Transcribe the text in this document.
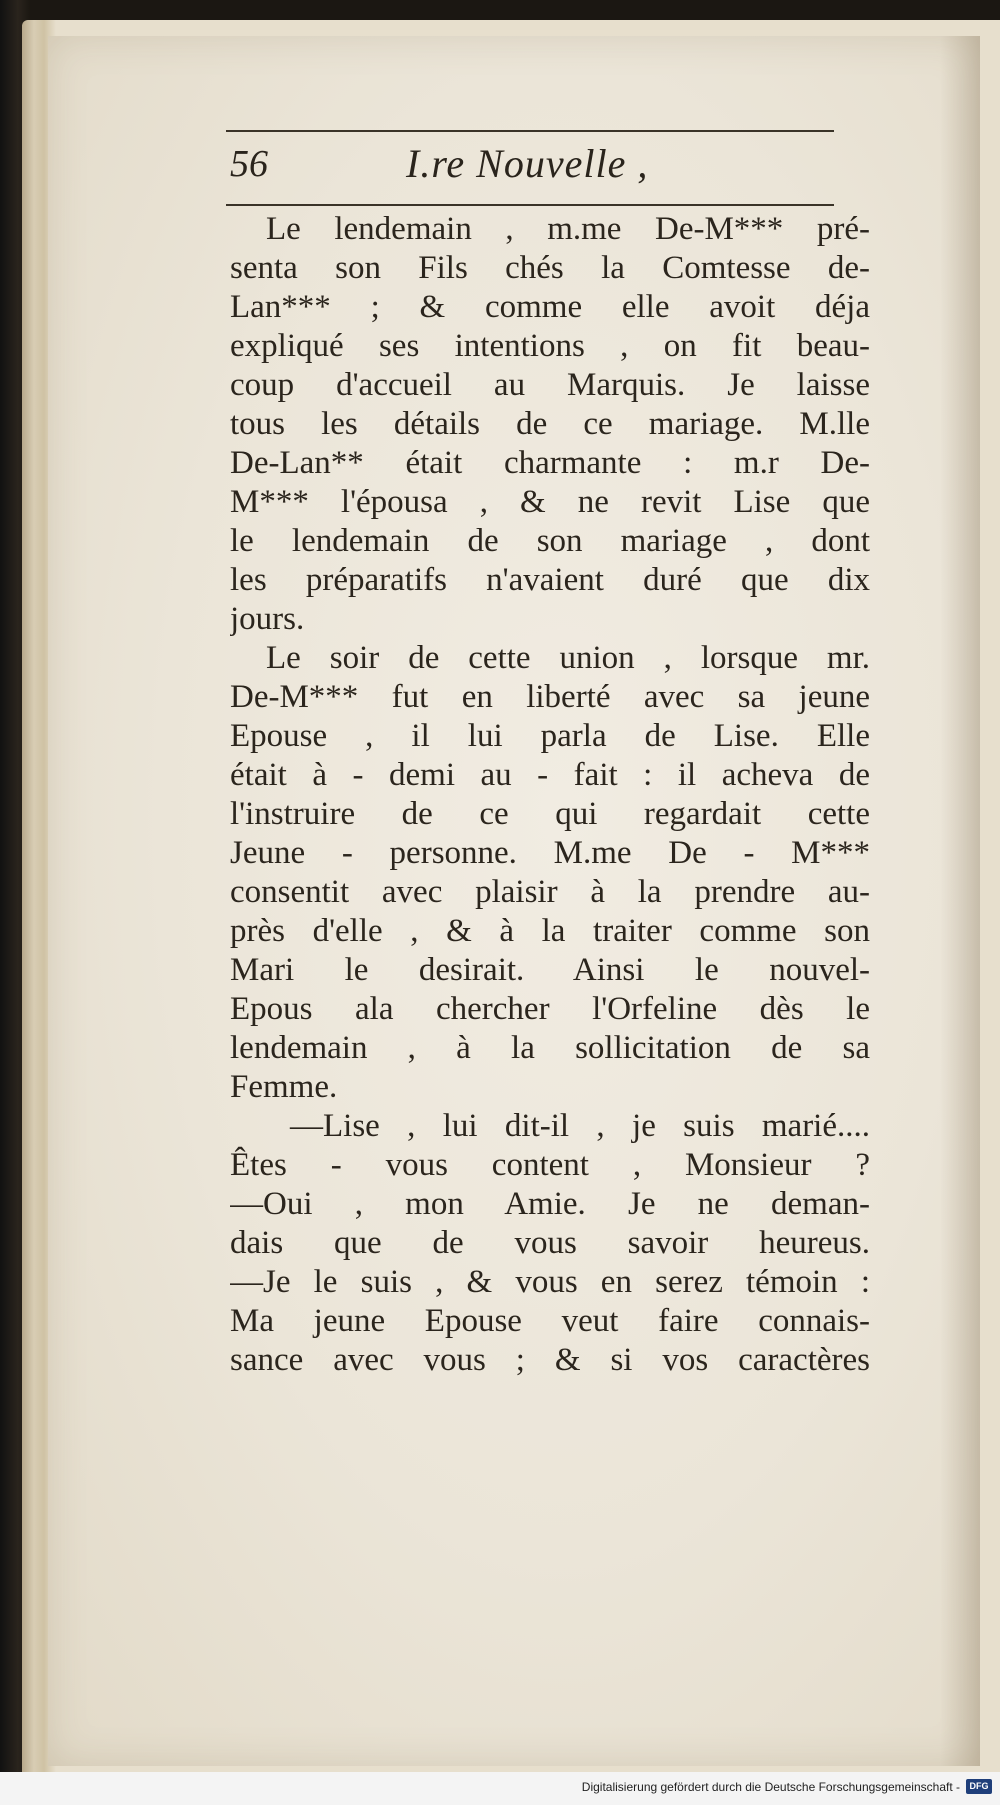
56	I.re Nouvelle ,
Le lendemain , m.me De-M*** pré-
senta son Fils chés la Comtesse de-
Lan*** ; & comme elle avoit déja
expliqué ses intentions , on fit beau-
coup d'accueil au Marquis. Je laisse
tous les détails de ce mariage. M.lle
De-Lan** était charmante : m.r De-
M*** l'épousa , & ne revit Lise que
le lendemain de son mariage , dont
les préparatifs n'avaient duré que dix
jours.
Le soir de cette union , lorsque mr.
De-M*** fut en liberté avec sa jeune
Epouse , il lui parla de Lise. Elle
était à - demi au - fait : il acheva de
l'instruire de ce qui regardait cette
Jeune - personne. M.me De - M***
consentit avec plaisir à la prendre au-
près d'elle , & à la traiter comme son
Mari le desirait. Ainsi le nouvel-
Epous ala chercher l'Orfeline dès le
lendemain , à la sollicitation de sa
Femme.
—Lise , lui dit-il , je suis marié....
Êtes - vous content , Monsieur ?
—Oui , mon Amie. Je ne deman-
dais que de vous savoir heureus.
—Je le suis , & vous en serez témoin :
Ma jeune Epouse veut faire connais-
sance avec vous ; & si vos caractères
Digitalisierung gefördert durch die Deutsche Forschungsgemeinschaft -	DFG
